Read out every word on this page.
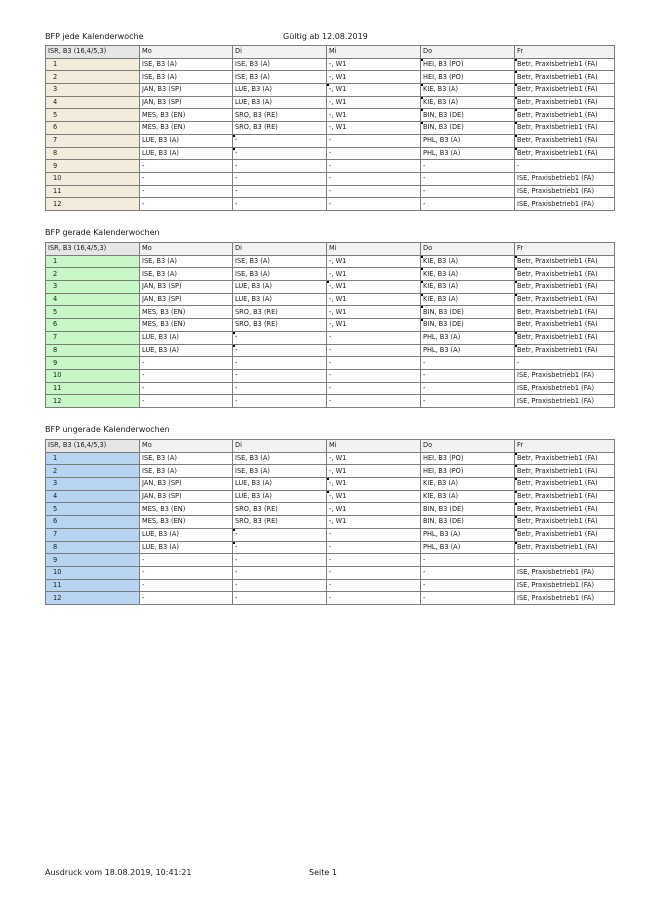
BFP jede Kalenderwoche	Gültig ab 12.08.2019
ISR, B3 (16,4/5,3)	Mo	Di	Mi	Do	Fr
1	ISE, B3 (A)	ISE, B3 (A)	-, W1	HEI, B3 (PO)	Betr, Praxisbetrieb1 (FA)
2	ISE, B3 (A)	ISE, B3 (A)	-, W1	HEI, B3 (PO)	Betr, Praxisbetrieb1 (FA)
3	JAN, B3 (SP)	LUE, B3 (A)	-, W1	KIE, B3 (A)	Betr, Praxisbetrieb1 (FA)
4	JAN, B3 (SP)	LUE, B3 (A)	-, W1	KIE, B3 (A)	Betr, Praxisbetrieb1 (FA)
5	MES, B3 (EN)	SRO, B3 (RE)	-, W1	BIN, B3 (DE)	Betr, Praxisbetrieb1 (FA)
6	MES, B3 (EN)	SRO, B3 (RE)	-, W1	BIN, B3 (DE)	Betr, Praxisbetrieb1 (FA)
7	LUE, B3 (A)	-	-	PHL, B3 (A)	Betr, Praxisbetrieb1 (FA)
8	LUE, B3 (A)	-	-	PHL, B3 (A)	Betr, Praxisbetrieb1 (FA)
9	-	-	-	-	-
10	-	-	-	-	ISE, Praxisbetrieb1 (FA)
11	-	-	-	-	ISE, Praxisbetrieb1 (FA)
12	-	-	-	-	ISE, Praxisbetrieb1 (FA)
BFP gerade Kalenderwochen
ISR, B3 (16,4/5,3)	Mo	Di	Mi	Do	Fr
1	ISE, B3 (A)	ISE, B3 (A)	-, W1	KIE, B3 (A)	Betr, Praxisbetrieb1 (FA)
2	ISE, B3 (A)	ISE, B3 (A)	-, W1	KIE, B3 (A)	Betr, Praxisbetrieb1 (FA)
3	JAN, B3 (SP)	LUE, B3 (A)	-, W1	KIE, B3 (A)	Betr, Praxisbetrieb1 (FA)
4	JAN, B3 (SP)	LUE, B3 (A)	-, W1	KIE, B3 (A)	Betr, Praxisbetrieb1 (FA)
5	MES, B3 (EN)	SRO, B3 (RE)	-, W1	BIN, B3 (DE)	Betr, Praxisbetrieb1 (FA)
6	MES, B3 (EN)	SRO, B3 (RE)	-, W1	BIN, B3 (DE)	Betr, Praxisbetrieb1 (FA)
7	LUE, B3 (A)	-	-	PHL, B3 (A)	Betr, Praxisbetrieb1 (FA)
8	LUE, B3 (A)	-	-	PHL, B3 (A)	Betr, Praxisbetrieb1 (FA)
9	-	-	-	-	-
10	-	-	-	-	ISE, Praxisbetrieb1 (FA)
11	-	-	-	-	ISE, Praxisbetrieb1 (FA)
12	-	-	-	-	ISE, Praxisbetrieb1 (FA)
BFP ungerade Kalenderwochen
ISR, B3 (16,4/5,3)	Mo	Di	Mi	Do	Fr
1	ISE, B3 (A)	ISE, B3 (A)	-, W1	HEI, B3 (PO)	Betr, Praxisbetrieb1 (FA)
2	ISE, B3 (A)	ISE, B3 (A)	-, W1	HEI, B3 (PO)	Betr, Praxisbetrieb1 (FA)
3	JAN, B3 (SP)	LUE, B3 (A)	-, W1	KIE, B3 (A)	Betr, Praxisbetrieb1 (FA)
4	JAN, B3 (SP)	LUE, B3 (A)	-, W1	KIE, B3 (A)	Betr, Praxisbetrieb1 (FA)
5	MES, B3 (EN)	SRO, B3 (RE)	-, W1	BIN, B3 (DE)	Betr, Praxisbetrieb1 (FA)
6	MES, B3 (EN)	SRO, B3 (RE)	-, W1	BIN, B3 (DE)	Betr, Praxisbetrieb1 (FA)
7	LUE, B3 (A)	-	-	PHL, B3 (A)	Betr, Praxisbetrieb1 (FA)
8	LUE, B3 (A)	-	-	PHL, B3 (A)	Betr, Praxisbetrieb1 (FA)
9	-	-	-	-	-
10	-	-	-	-	ISE, Praxisbetrieb1 (FA)
11	-	-	-	-	ISE, Praxisbetrieb1 (FA)
12	-	-	-	-	ISE, Praxisbetrieb1 (FA)
Ausdruck vom 18.08.2019, 10:41:21	Seite 1
